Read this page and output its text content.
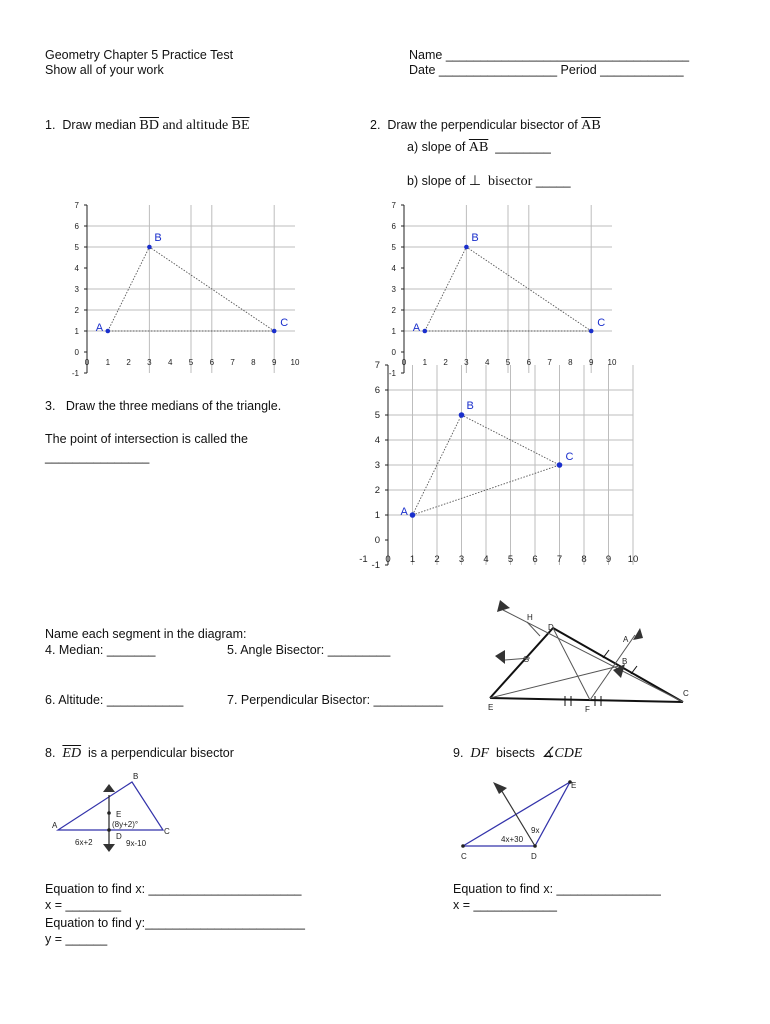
Geometry Chapter 5 Practice Test
Show all of your work
Name ___________________________________
Date _________________ Period ____________
1. Draw median $\overline{BD}$ and altitude $\overline{BE}$	2. Draw the perpendicular bisector of $\overline{AB}$
a) slope of $\overline{AB}$ ________
b) slope of ⊥ bisector _____
-1
0
1
2
3
4
5
6
7
0 1 2 3 4 5 6 7 8 9 10
A
B
C
-1
0
1
2
3
4
5
6
7
0 1 2 3 4 5 6 7 8 9 10
A
B
C
3.   Draw the three medians of the triangle.
The point of intersection is called the
_______________
-1
0
1
2
3
4
5
6
7
-1 0 1 2 3 4 5 6 7 8 9 10
A
B
C
Name each segment in the diagram:
4. Median: _______	5. Angle Bisector: _________
6. Altitude: ___________	7. Perpendicular Bisector: __________
E	F
C
D
H
G
A
B
8. $\overline{ED}$ is a perpendicular bisector
B
A
C
E
D
(8y+2)°
6x+2	9x-10
Equation to find x: ______________________
x = ________
Equation to find y:_______________________
y = ______
9. DF bisects ∡CDE
C	D
E
4x+30
9x
Equation to find x: _______________
x = ____________
